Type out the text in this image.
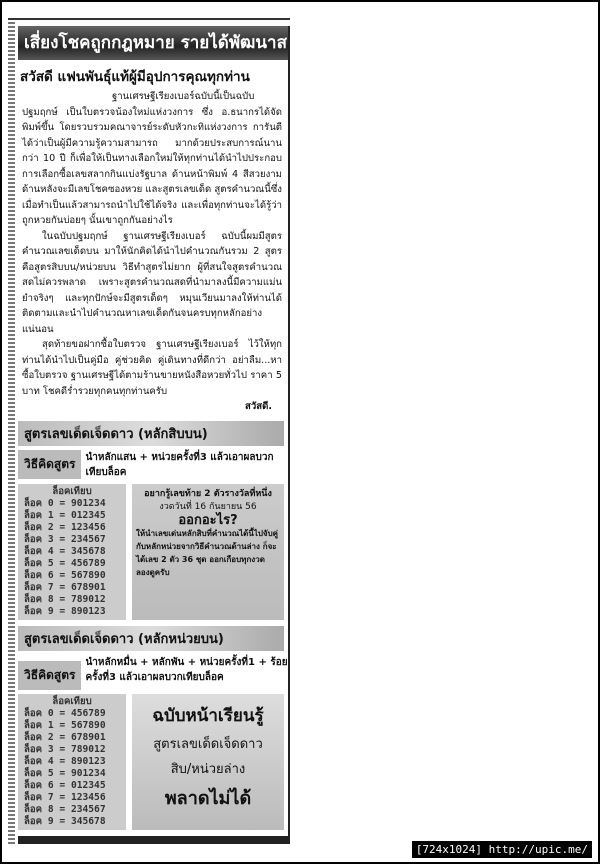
เสี่ยงโชคถูกกฎหมาย รายได้พัฒนาส
สวัสดี แฟนพันธุ์แท้ผู้มีอุปการคุณทุกท่าน

ฐานเศรษฐีเรียงเบอร์ฉบับนี้เป็นฉบับปฐมฤกษ์ เป็นใบตรวจน้องใหม่แห่งวงการ ซึ่ง อ.ธนากรได้จัดพิมพ์ขึ้น โดยรวบรวมคณาจารย์ระดับหัวกะทิแห่งวงการ การันตีได้ว่าเป็นผู้มีความรู้ความสามารถ มากด้วยประสบการณ์นานกว่า 10 ปี ก็เพื่อให้เป็นทางเลือกใหม่ให้ทุกท่านได้นำไปประกอบการเลือกซื้อเลขสลากกินแบ่งรัฐบาล ด้านหน้าพิมพ์ 4 สีสวยงาม ด้านหลังจะมีเลขโชคซองหวย และสูตรเลขเด็ด สูตรคำนวณนี้ซึ่งเมื่อทำเป็นแล้วสามารถนำไปใช้ได้จริง และเพื่อทุกท่านจะได้รู้ว่าถูกหวยกันบ่อยๆ นั้นเขาถูกกันอย่างไร

ในฉบับปฐมฤกษ์ ฐานเศรษฐีเรียงเบอร์ ฉบับนี้ผมมีสูตรคำนวณเลขเด็ดบน มาให้นักคิดได้นำไปคำนวณกันรวม 2 สูตร คือสูตรสิบบน/หน่วยบน วิธีทำสูตรไม่ยาก ผู้ที่สนใจสูตรคำนวณสดไม่ควรพลาด เพราะสูตรคำนวณสดที่นำมาลงนี้มีความแม่นยำจริงๆ และทุกปักษ์จะมีสูตรเด็ดๆ หมุนเวียนมาลงให้ท่านได้ติดตามและนำไปคำนวณหาเลขเด็ดกันจนครบทุกหลักอย่างแน่นอน

สุดท้ายขอฝากซื้อใบตรวจ ฐานเศรษฐีเรียงเบอร์ ไว้ให้ทุกท่านได้นำไปเป็นคู่มือ คู่ช่วยคิด คู่เดินทางที่ดีกว่า อย่าลืม...หาซื้อใบตรวจ ฐานเศรษฐีได้ตามร้านขายหนังสือหวยทั่วไป ราคา 5 บาท โชคดีร่ำรวยทุกคนทุกท่านครับ

สวัสดี.

สูตรเลขเด็ดเจ็ดดาว (หลักสิบบน)
วิธีคิดสูตร	นำหลักแสน + หน่วยครั้งที่3 แล้วเอาผลบวกเทียบล็อค
ล็อคเทียบ
ล็อค 0 = 901234
ล็อค 1 = 012345
ล็อค 2 = 123456
ล็อค 3 = 234567
ล็อค 4 = 345678
ล็อค 5 = 456789
ล็อค 6 = 567890
ล็อค 7 = 678901
ล็อค 8 = 789012
ล็อค 9 = 890123
อยากรู้เลขท้าย 2 ตัวรางวัลที่หนึ่ง
งวดวันที่ 16 กันยายน 56
ออกอะไร?
ให้นำเลขเด่นหลักสิบที่คำนวณได้นี้ไปจับคู่กับหลักหน่วยจากวิธีคำนวณด้านล่าง ก็จะได้เลข 2 ตัว 36 ชุด ออกเกือบทุกงวด ลองดูครับ
สูตรเลขเด็ดเจ็ดดาว (หลักหน่วยบน)
วิธีคิดสูตร
นำหลักหมื่น + หลักพัน + หน่วยครั้งที่1 + ร้อยครั้งที่3 แล้วเอาผลบวกเทียบล็อค
ล็อคเทียบ
ล็อค 0 = 456789
ล็อค 1 = 567890
ล็อค 2 = 678901
ล็อค 3 = 789012
ล็อค 4 = 890123
ล็อค 5 = 901234
ล็อค 6 = 012345
ล็อค 7 = 123456
ล็อค 8 = 234567
ล็อค 9 = 345678
ฉบับหน้าเรียนรู้
สูตรเลขเด็ดเจ็ดดาว
สิบ/หน่วยล่าง
พลาดไม่ได้
[724x1024] http://upic.me/
